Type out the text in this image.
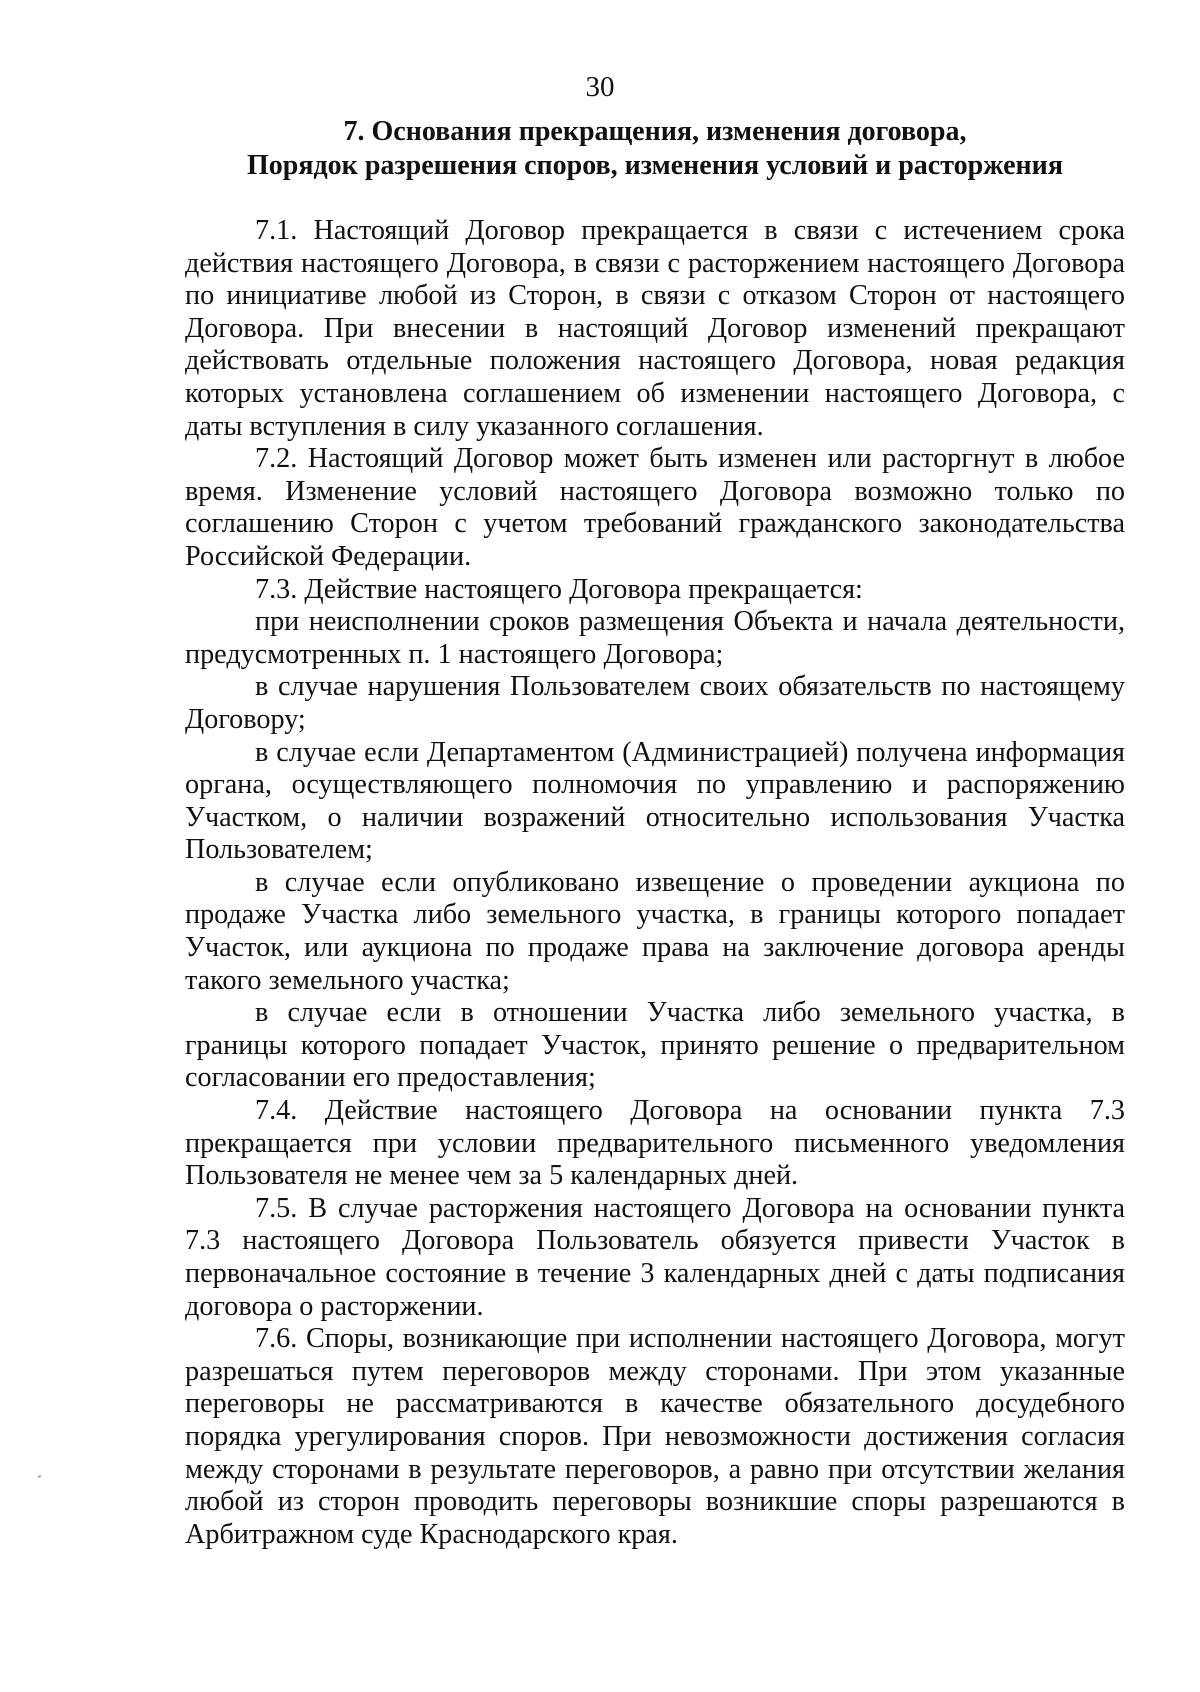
30
7. Основания прекращения, изменения договора,
Порядок разрешения споров, изменения условий и расторжения

7.1. Настоящий Договор прекращается в связи с истечением срока действия настоящего Договора, в связи с расторжением настоящего Договора по инициативе любой из Сторон, в связи с отказом Сторон от настоящего Договора. При внесении в настоящий Договор изменений прекращают действовать отдельные положения настоящего Договора, новая редакция которых установлена соглашением об изменении настоящего Договора, с даты вступления в силу указанного соглашения.

7.2. Настоящий Договор может быть изменен или расторгнут в любое время. Изменение условий настоящего Договора возможно только по соглашению Сторон с учетом требований гражданского законодательства Российской Федерации.

7.3. Действие настоящего Договора прекращается:

при неисполнении сроков размещения Объекта и начала деятельности, предусмотренных п. 1 настоящего Договора;

в случае нарушения Пользователем своих обязательств по настоящему Договору;

в случае если Департаментом (Администрацией) получена информация органа, осуществляющего полномочия по управлению и распоряжению Участком, о наличии возражений относительно использования Участка Пользователем;

в случае если опубликовано извещение о проведении аукциона по продаже Участка либо земельного участка, в границы которого попадает Участок, или аукциона по продаже права на заключение договора аренды такого земельного участка;

в случае если в отношении Участка либо земельного участка, в границы которого попадает Участок, принято решение о предварительном согласовании его предоставления;

7.4. Действие настоящего Договора на основании пункта 7.3 прекращается при условии предварительного письменного уведомления Пользователя не менее чем за 5 календарных дней.

7.5. В случае расторжения настоящего Договора на основании пункта 7.3 настоящего Договора Пользователь обязуется привести Участок в первоначальное состояние в течение 3 календарных дней с даты подписания договора о расторжении.

7.6. Споры, возникающие при исполнении настоящего Договора, могут разрешаться путем переговоров между сторонами. При этом указанные переговоры не рассматриваются в качестве обязательного досудебного порядка урегулирования споров. При невозможности достижения согласия между сторонами в результате переговоров, а равно при отсутствии желания любой из сторон проводить переговоры возникшие споры разрешаются в Арбитражном суде Краснодарского края.
